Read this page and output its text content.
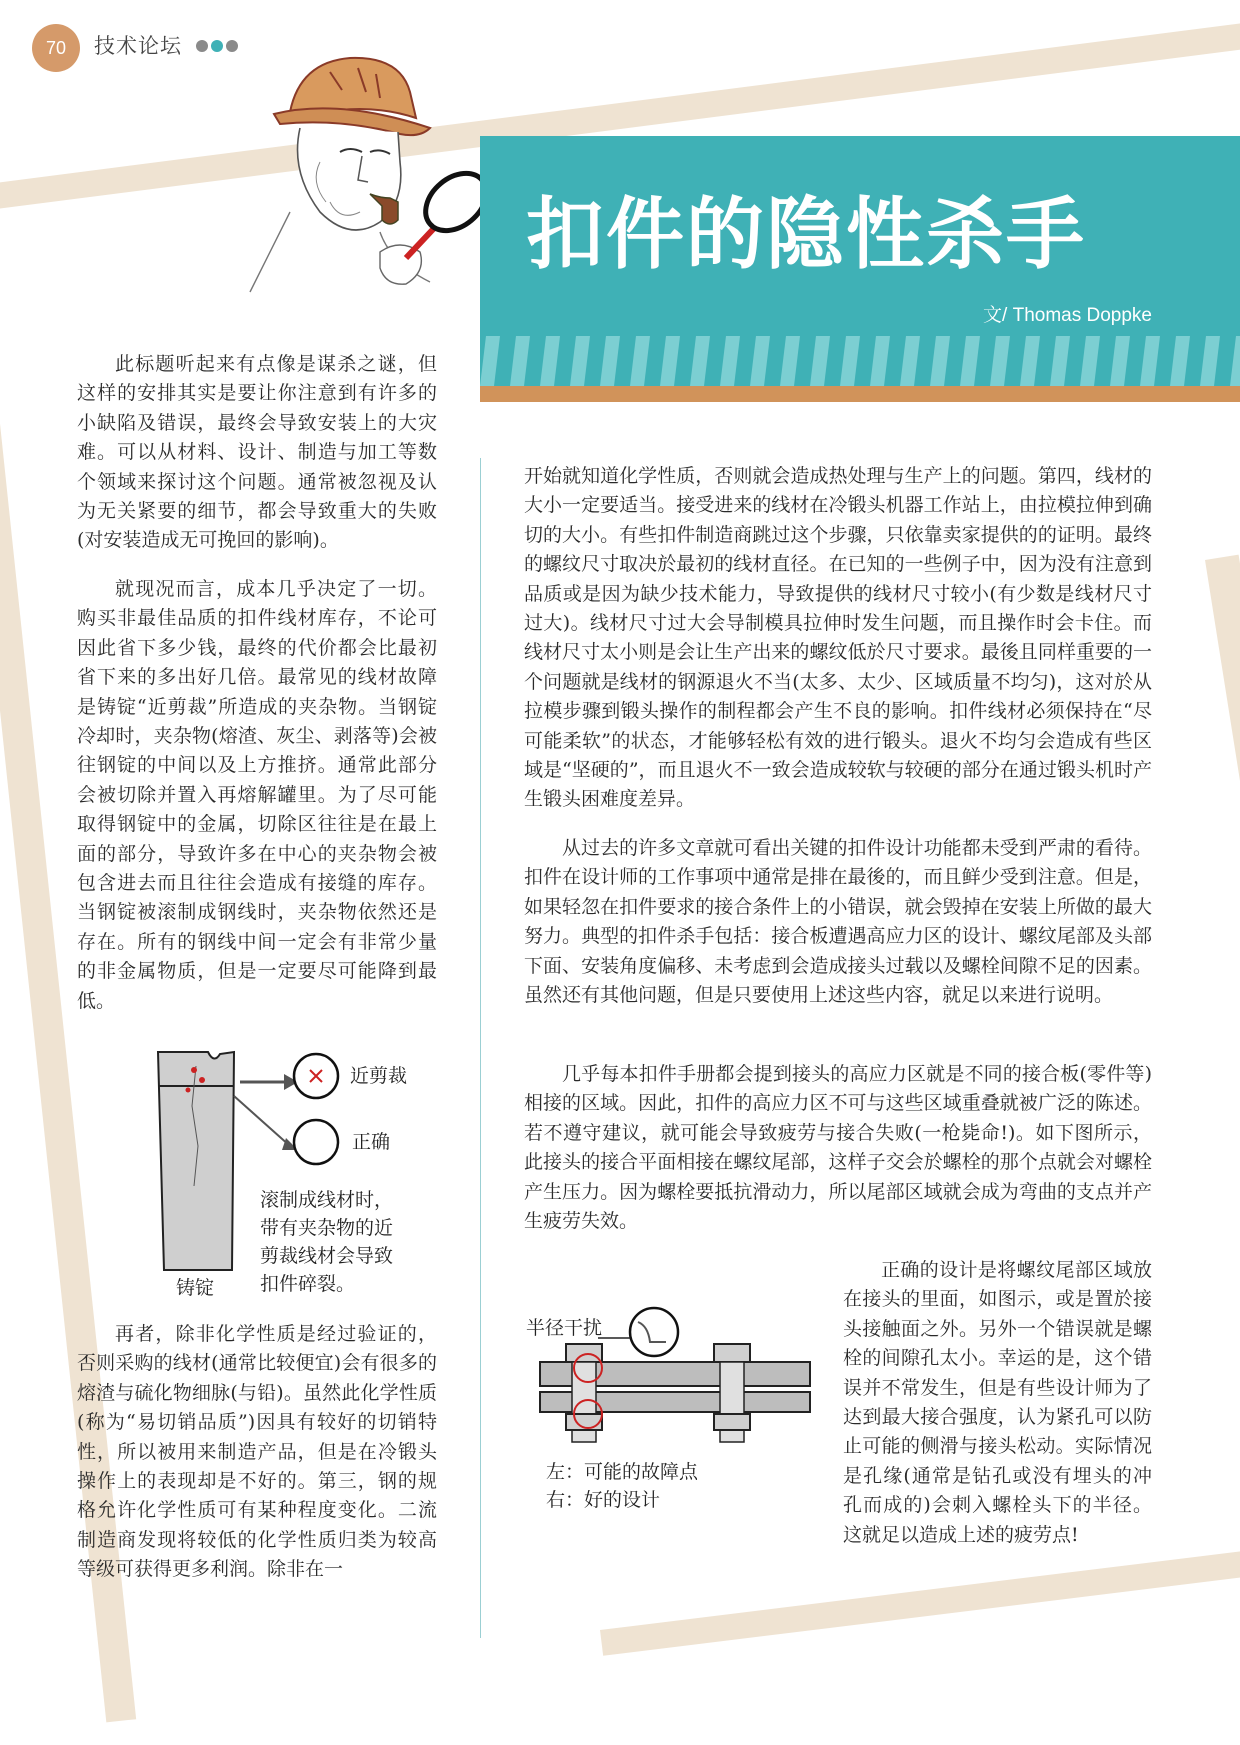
70	技术论坛
扣件的隐性杀手
文/ Thomas Doppke

此标题听起来有点像是谋杀之谜，但这样的安排其实是要让你注意到有许多的小缺陷及错误，最终会导致安装上的大灾难。可以从材料、设计、制造与加工等数个领域来探讨这个问题。通常被忽视及认为无关紧要的细节，都会导致重大的失败(对安装造成无可挽回的影响)。

就现况而言，成本几乎决定了一切。购买非最佳品质的扣件线材库存，不论可因此省下多少钱，最终的代价都会比最初省下来的多出好几倍。最常见的线材故障是铸锭“近剪裁”所造成的夹杂物。当钢锭冷却时，夹杂物(熔渣、灰尘、剥落等)会被往钢锭的中间以及上方推挤。通常此部分会被切除并置入再熔解罐里。为了尽可能取得钢锭中的金属，切除区往往是在最上面的部分，导致许多在中心的夹杂物会被包含进去而且往往会造成有接缝的库存。当钢锭被滚制成钢线时，夹杂物依然还是存在。所有的钢线中间一定会有非常少量的非金属物质，但是一定要尽可能降到最低。

再者，除非化学性质是经过验证的，否则采购的线材(通常比较便宜)会有很多的熔渣与硫化物细脉(与铅)。虽然此化学性质(称为“易切销品质”)因具有较好的切销特性，所以被用来制造产品，但是在冷锻头操作上的表现却是不好的。第三，钢的规格允许化学性质可有某种程度变化。二流制造商发现将较低的化学性质归类为较高等级可获得更多利润。除非在一

开始就知道化学性质，否则就会造成热处理与生产上的问题。第四，线材的大小一定要适当。接受进来的线材在冷锻头机器工作站上，由拉模拉伸到确切的大小。有些扣件制造商跳过这个步骤，只依靠卖家提供的的证明。最终的螺纹尺寸取决於最初的线材直径。在已知的一些例子中，因为没有注意到品质或是因为缺少技术能力，导致提供的线材尺寸较小(有少数是线材尺寸过大)。线材尺寸过大会导制模具拉伸时发生问题，而且操作时会卡住。而线材尺寸太小则是会让生产出来的螺纹低於尺寸要求。最後且同样重要的一个问题就是线材的钢源退火不当(太多、太少、区域质量不均匀)，这对於从拉模步骤到锻头操作的制程都会产生不良的影响。扣件线材必须保持在“尽可能柔软”的状态，才能够轻松有效的进行锻头。退火不均匀会造成有些区域是“坚硬的”，而且退火不一致会造成较软与较硬的部分在通过锻头机时产生锻头困难度差异。

从过去的许多文章就可看出关键的扣件设计功能都未受到严肃的看待。扣件在设计师的工作事项中通常是排在最後的，而且鲜少受到注意。但是，如果轻忽在扣件要求的接合条件上的小错误，就会毁掉在安装上所做的最大努力。典型的扣件杀手包括：接合板遭遇高应力区的设计、螺纹尾部及头部下面、安装角度偏移、未考虑到会造成接头过载以及螺栓间隙不足的因素。虽然还有其他问题，但是只要使用上述这些内容，就足以来进行说明。

几乎每本扣件手册都会提到接头的高应力区就是不同的接合板(零件等)相接的区域。因此，扣件的高应力区不可与这些区域重叠就被广泛的陈述。若不遵守建议，就可能会导致疲劳与接合失败(一枪毙命!)。如下图所示，此接头的接合平面相接在螺纹尾部，这样子交会於螺栓的那个点就会对螺栓产生压力。因为螺栓要抵抗滑动力，所以尾部区域就会成为弯曲的支点并产生疲劳失效。

正确的设计是将螺纹尾部区域放在接头的里面，如图示，或是置於接头接触面之外。另外一个错误就是螺栓的间隙孔太小。幸运的是，这个错误并不常发生，但是有些设计师为了达到最大接合强度，认为紧孔可以防止可能的侧滑与接头松动。实际情况是孔缘(通常是钻孔或没有埋头的冲孔而成的)会刺入螺栓头下的半径。这就足以造成上述的疲劳点!

近剪裁
正确
铸锭
滚制成线材时，
带有夹杂物的近
剪裁线材会导致
扣件碎裂。
半径干扰
左：可能的故障点
右：好的设计
